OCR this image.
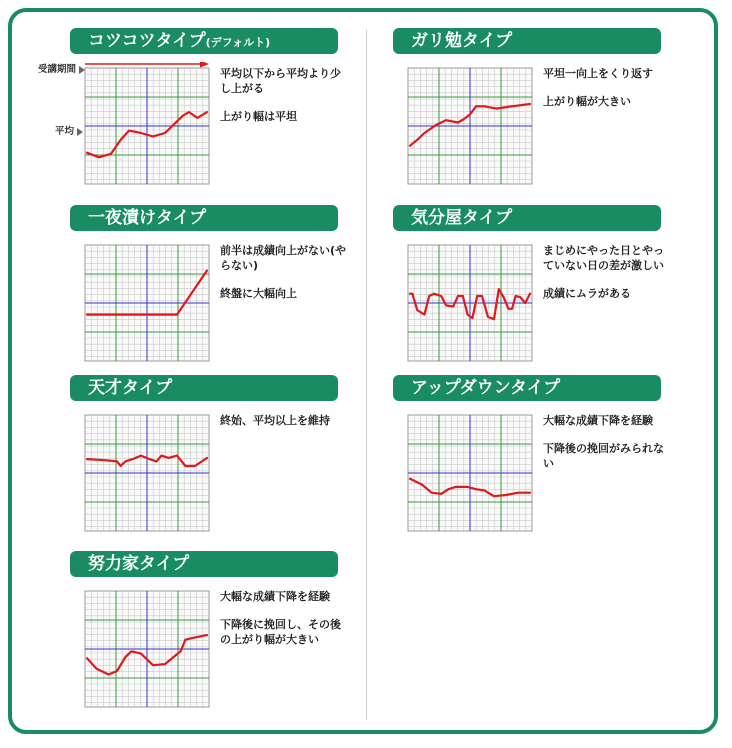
受講期間
平均
コツコツタイプ(デフォルト)

平均以下から平均より少し上がる

上がり幅は平坦

一夜漬けタイプ

前半は成績向上がない(やらない)

終盤に大幅向上

天才タイプ

終始、平均以上を維持

努力家タイプ

大幅な成績下降を経験

下降後に挽回し、その後の上がり幅が大きい

ガリ勉タイプ

平坦一向上をくり返す

上がり幅が大きい

気分屋タイプ

まじめにやった日とやっていない日の差が激しい

成績にムラがある

アップダウンタイプ

大幅な成績下降を経験

下降後の挽回がみられない
